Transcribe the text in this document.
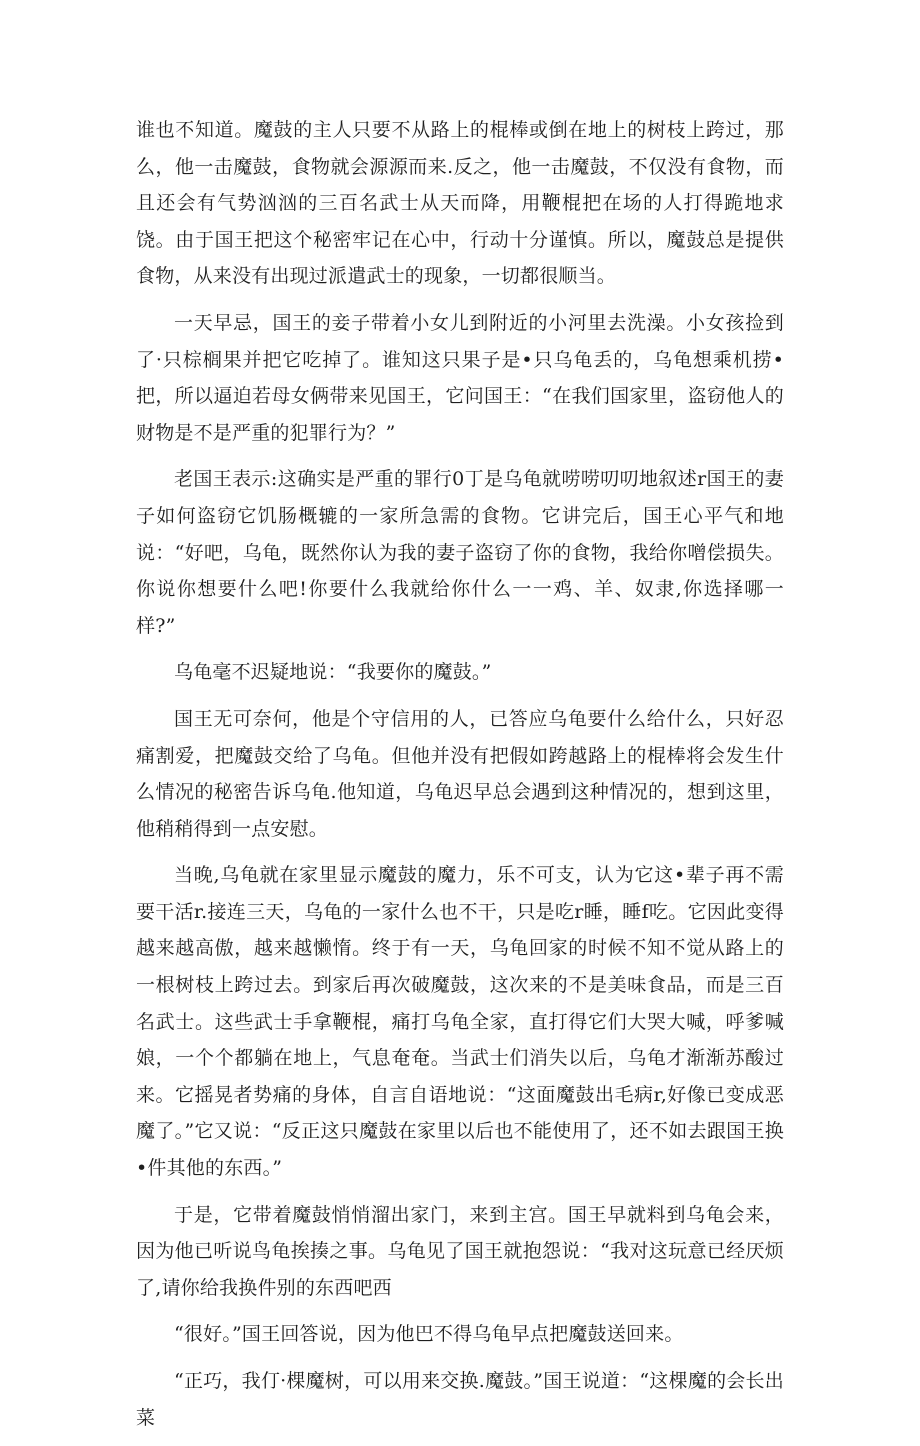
谁也不知道。魔鼓的主人只要不从路上的棍棒或倒在地上的树枝上跨过，那么，他一击魔鼓，食物就会源源而来.反之，他一击魔鼓，不仅没有食物，而且还会有气势汹汹的三百名武士从天而降，用鞭棍把在场的人打得跪地求饶。由于国王把这个秘密牢记在心中，行动十分谨慎。所以，魔鼓总是提供食物，从来没有出现过派遣武士的现象，一切都很顺当。

一天早忌，国王的妾子带着小女儿到附近的小河里去洗澡。小女孩捡到了·只棕榈果并把它吃掉了。谁知这只果子是•只乌龟丢的，乌龟想乘机捞•把，所以逼迫若母女俩带来见国王，它问国王：“在我们国家里，盗窃他人的财物是不是严重的犯罪行为？”

老国王表示:这确实是严重的罪行0丁是乌龟就唠唠叨叨地叙述r国王的妻子如何盗窃它饥肠概辘的一家所急需的食物。它讲完后，国王心平气和地说：“好吧，乌龟，既然你认为我的妻子盗窃了你的食物，我给你噌偿损失。你说你想要什么吧!你要什么我就给你什么一一鸡、羊、奴隶,你选择哪一样?”

乌龟毫不迟疑地说：“我要你的魔鼓。”

国王无可奈何，他是个守信用的人，已答应乌龟要什么给什么，只好忍痛割爱，把魔鼓交给了乌龟。但他并没有把假如跨越路上的棍棒将会发生什么情况的秘密告诉乌龟.他知道，乌龟迟早总会遇到这种情况的，想到这里，他稍稍得到一点安慰。

当晚,乌龟就在家里显示魔鼓的魔力，乐不可支，认为它这•辈子再不需要干活r.接连三天，乌龟的一家什么也不干，只是吃r睡，睡f吃。它因此变得越来越高傲，越来越懒惰。终于有一天，乌龟回家的时候不知不觉从路上的一根树枝上跨过去。到家后再次破魔鼓，这次来的不是美味食品，而是三百名武士。这些武士手拿鞭棍，痛打乌龟全家，直打得它们大哭大喊，呼爹喊娘，一个个都躺在地上，气息奄奄。当武士们消失以后，乌龟才渐渐苏酸过来。它摇晃者势痛的身体，自言自语地说：“这面魔鼓出毛病r,好像已变成恶魔了。”它又说：“反正这只魔鼓在家里以后也不能使用了，还不如去跟国王换•件其他的东西。”

于是，它带着魔鼓悄悄溜出家门，来到主宫。国王早就料到乌龟会来，因为他已听说鸟龟挨揍之事。乌龟见了国王就抱怨说：“我对这玩意已经厌烦了,请你给我换件别的东西吧西

“很好。”国王回答说，因为他巴不得乌龟早点把魔鼓送回来。

“正巧，我仃·棵魔树，可以用来交换.魔鼓。”国王说道：“这棵魔的会长出菜
